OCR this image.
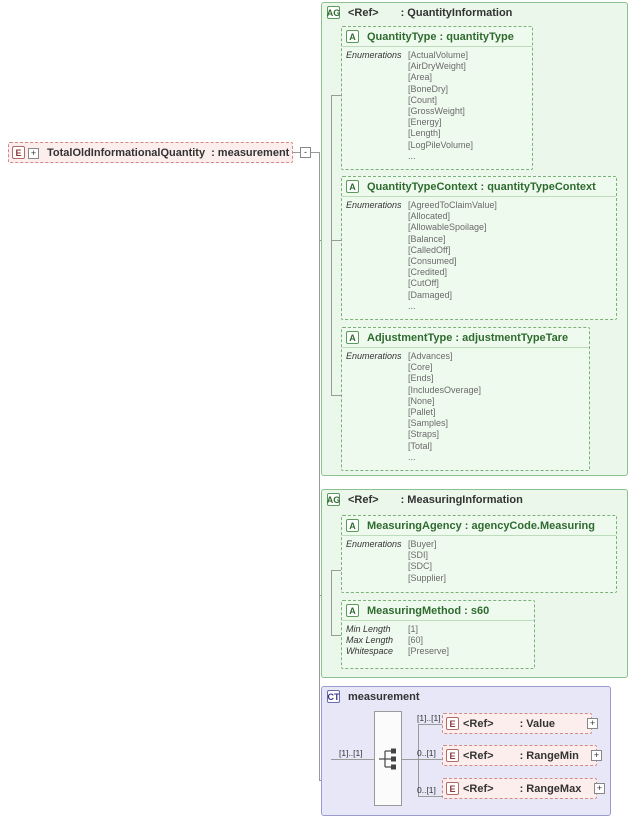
E	+ TotalOldInformationalQuantity : measurement	-
AG <Ref> : QuantityInformation
A QuantityType : quantityType
Enumerations [ActualVolume]
[AirDryWeight]
[Area]
[BoneDry]
[Count]
[GrossWeight]
[Energy]
[Length]
[LogPileVolume]
...
A QuantityTypeContext : quantityTypeContext
Enumerations [AgreedToClaimValue]
[Allocated]
[AllowableSpoilage]
[Balance]
[CalledOff]
[Consumed]
[Credited]
[CutOff]
[Damaged]
...
A AdjustmentType : adjustmentTypeTare
Enumerations [Advances]
[Core]
[Ends]
[IncludesOverage]
[None]
[Pallet]
[Samples]
[Straps]
[Total]
...
AG <Ref> : MeasuringInformation
A MeasuringAgency : agencyCode.Measuring
Enumerations [Buyer]
[SDI]
[SDC]
[Supplier]
A MeasuringMethod : s60
Min Length	[1]
Max Length	[60]
Whitespace	[Preserve]
CT measurement
[1]..[1]
[1]..[1]
0..[1]
0..[1]
E <Ref> : Value	+
E <Ref> : RangeMin	+
E <Ref> : RangeMax	+
